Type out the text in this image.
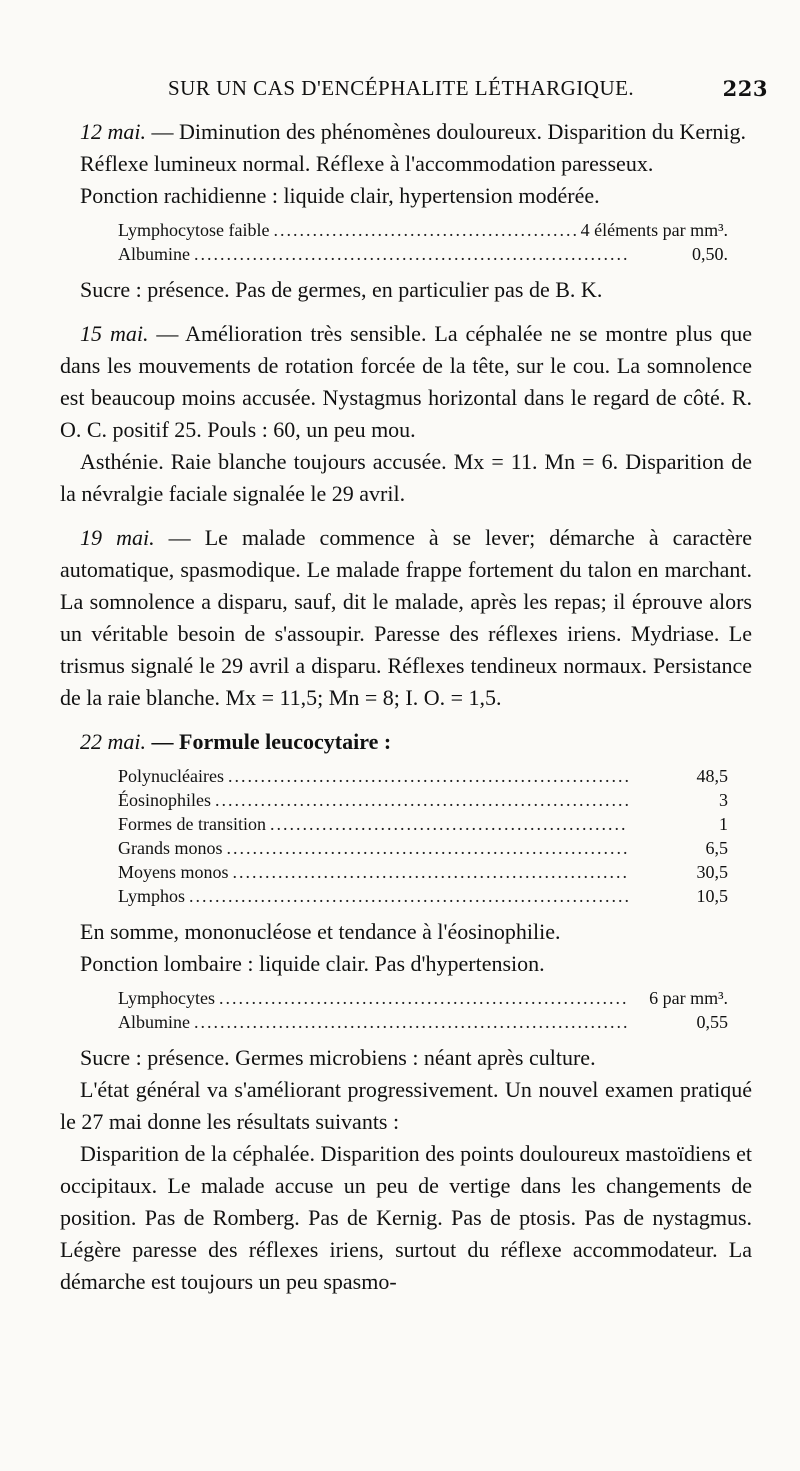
SUR UN CAS D'ENCÉPHALITE LÉTHARGIQUE.	223

12 mai. — Diminution des phénomènes douloureux. Disparition du Kernig.

Réflexe lumineux normal. Réflexe à l'accommodation paresseux.

Ponction rachidienne : liquide clair, hypertension modérée.

Lymphocytose faible .....	4 éléments par mm³.
Albumine .....	0,50.

Sucre : présence. Pas de germes, en particulier pas de B. K.

15 mai. — Amélioration très sensible. La céphalée ne se montre plus que dans les mouvements de rotation forcée de la tête, sur le cou. La somnolence est beaucoup moins accusée. Nystagmus horizontal dans le regard de côté. R. O. C. positif 25. Pouls : 60, un peu mou.

Asthénie. Raie blanche toujours accusée. Mx = 11. Mn = 6. Disparition de la névralgie faciale signalée le 29 avril.

19 mai. — Le malade commence à se lever; démarche à caractère automatique, spasmodique. Le malade frappe fortement du talon en marchant. La somnolence a disparu, sauf, dit le malade, après les repas; il éprouve alors un véritable besoin de s'assoupir. Paresse des réflexes iriens. Mydriase. Le trismus signalé le 29 avril a disparu. Réflexes tendineux normaux. Persistance de la raie blanche. Mx = 11,5; Mn = 8; I. O. = 1,5.

22 mai. — Formule leucocytaire :

Polynucléaires .....	48,5
Éosinophiles .....	3
Formes de transition .....	1
Grands monos .....	6,5
Moyens monos .....	30,5
Lymphos .....	10,5

En somme, mononucléose et tendance à l'éosinophilie.

Ponction lombaire : liquide clair. Pas d'hypertension.

Lymphocytes .....	6 par mm³.
Albumine .....	0,55

Sucre : présence. Germes microbiens : néant après culture.

L'état général va s'améliorant progressivement. Un nouvel examen pratiqué le 27 mai donne les résultats suivants :

Disparition de la céphalée. Disparition des points douloureux mastoïdiens et occipitaux. Le malade accuse un peu de vertige dans les changements de position. Pas de Romberg. Pas de Kernig. Pas de ptosis. Pas de nystagmus. Légère paresse des réflexes iriens, surtout du réflexe accommodateur. La démarche est toujours un peu spasmo-
